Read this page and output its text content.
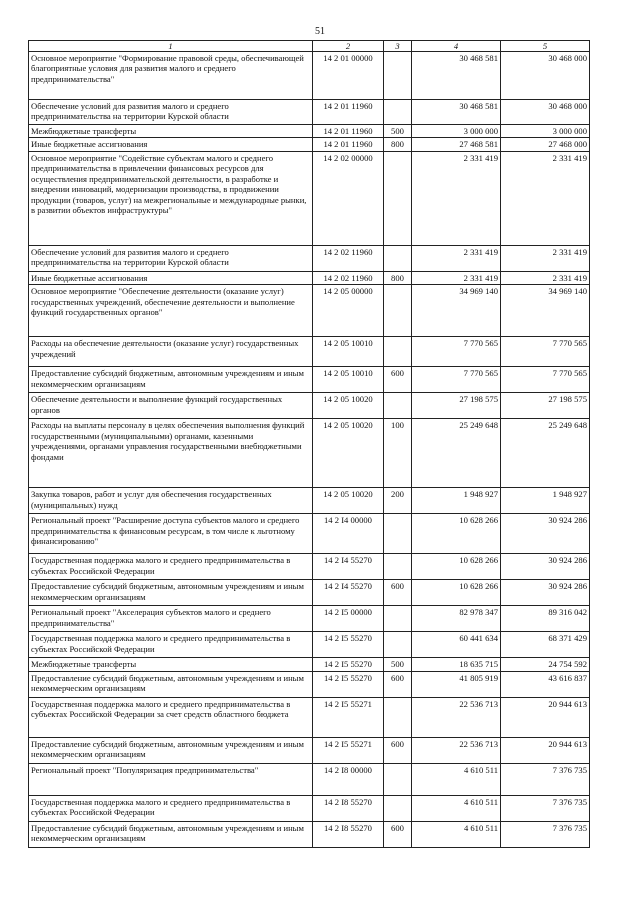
51
1	2	3	4	5
Основное мероприятие "Формирование правовой среды, обеспечивающей благоприятные условия для развития малого и среднего предпринимательства"	14 2 01 00000		30 468 581	30 468 000
Обеспечение условий для развития малого и среднего предпринимательства на территории Курской области	14 2 01 11960		30 468 581	30 468 000
Межбюджетные трансферты	14 2 01 11960	500	3 000 000	3 000 000
Иные бюджетные ассигнования	14 2 01 11960	800	27 468 581	27 468 000
Основное мероприятие "Содействие субъектам малого и среднего предпринимательства в привлечении финансовых ресурсов для осуществления предпринимательской деятельности, в разработке и внедрении инноваций, модернизации производства, в продвижении продукции (товаров, услуг) на межрегиональные и международные рынки, в развитии объектов инфраструктуры"	14 2 02 00000		2 331 419	2 331 419
Обеспечение условий для развития малого и среднего предпринимательства на территории Курской области	14 2 02 11960		2 331 419	2 331 419
Иные бюджетные ассигнования	14 2 02 11960	800	2 331 419	2 331 419
Основное мероприятие "Обеспечение деятельности (оказание услуг) государственных учреждений, обеспечение деятельности и выполнение функций государственных органов"	14 2 05 00000		34 969 140	34 969 140
Расходы на обеспечение деятельности (оказание услуг) государственных учреждений	14 2 05 10010		7 770 565	7 770 565
Предоставление субсидий бюджетным, автономным учреждениям и иным некоммерческим организациям	14 2 05 10010	600	7 770 565	7 770 565
Обеспечение деятельности и выполнение функций государственных органов	14 2 05 10020		27 198 575	27 198 575
Расходы на выплаты персоналу в целях обеспечения выполнения функций государственными (муниципальными) органами, казенными учреждениями, органами управления государственными внебюджетными фондами	14 2 05 10020	100	25 249 648	25 249 648
Закупка товаров, работ и услуг для обеспечения государственных (муниципальных) нужд	14 2 05 10020	200	1 948 927	1 948 927
Региональный проект "Расширение доступа субъектов малого и среднего предпринимательства к финансовым ресурсам, в том числе к льготному финансированию"	14 2 I4 00000		10 628 266	30 924 286
Государственная поддержка малого и среднего предпринимательства в субъектах Российской Федерации	14 2 I4 55270		10 628 266	30 924 286
Предоставление субсидий бюджетным, автономным учреждениям и иным некоммерческим организациям	14 2 I4 55270	600	10 628 266	30 924 286
Региональный проект "Акселерация субъектов малого и среднего предпринимательства"	14 2 I5 00000		82 978 347	89 316 042
Государственная поддержка малого и среднего предпринимательства в субъектах Российской Федерации	14 2 I5 55270		60 441 634	68 371 429
Межбюджетные трансферты	14 2 I5 55270	500	18 635 715	24 754 592
Предоставление субсидий бюджетным, автономным учреждениям и иным некоммерческим организациям	14 2 I5 55270	600	41 805 919	43 616 837
Государственная поддержка малого и среднего предпринимательства в субъектах Российской Федерации за счет средств областного бюджета	14 2 I5 55271		22 536 713	20 944 613
Предоставление субсидий бюджетным, автономным учреждениям и иным некоммерческим организациям	14 2 I5 55271	600	22 536 713	20 944 613
Региональный проект "Популяризация предпринимательства"	14 2 I8 00000		4 610 511	7 376 735
Государственная поддержка малого и среднего предпринимательства в субъектах Российской Федерации	14 2 I8 55270		4 610 511	7 376 735
Предоставление субсидий бюджетным, автономным учреждениям и иным некоммерческим организациям	14 2 I8 55270	600	4 610 511	7 376 735
